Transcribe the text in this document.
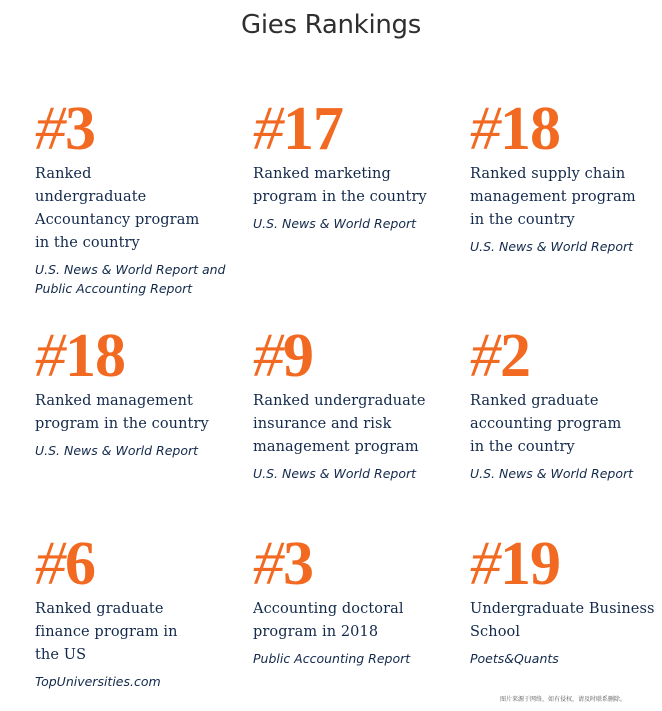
Gies Rankings
#3
Ranked undergraduate Accountancy program in the country
U.S. News & World Report and Public Accounting Report
#17
Ranked marketing program in the country
U.S. News & World Report
#18
Ranked supply chain management program in the country
U.S. News & World Report
#18
Ranked management program in the country
U.S. News & World Report
#9
Ranked undergraduate insurance and risk management program
U.S. News & World Report
#2
Ranked graduate accounting program in the country
U.S. News & World Report
#6
Ranked graduate finance program in the US
TopUniversities.com
#3
Accounting doctoral program in 2018
Public Accounting Report
#19
Undergraduate Business School
Poets&Quants
图片来源于网络，如有侵权，请及时联系删除。
